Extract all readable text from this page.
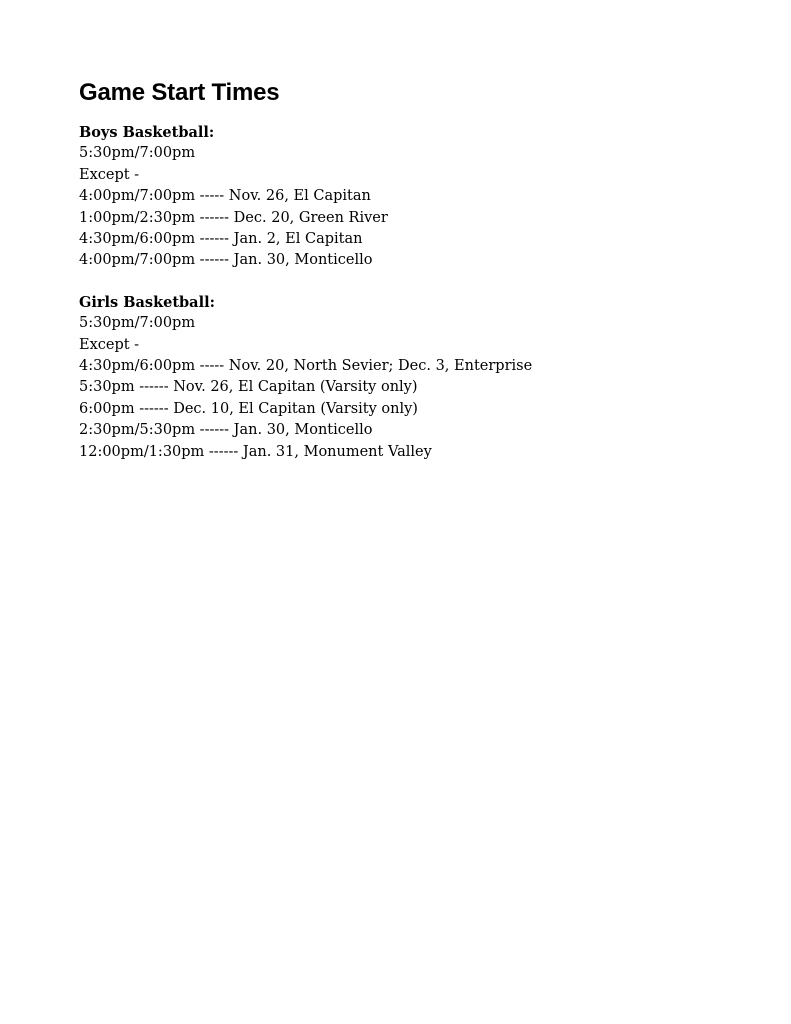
Game Start Times
Boys Basketball:
5:30pm/7:00pm
Except -
4:00pm/7:00pm ----- Nov. 26, El Capitan
1:00pm/2:30pm ------ Dec. 20, Green River
4:30pm/6:00pm ------ Jan. 2, El Capitan
4:00pm/7:00pm ------ Jan. 30, Monticello
Girls Basketball:
5:30pm/7:00pm
Except -
4:30pm/6:00pm ----- Nov. 20, North Sevier; Dec. 3, Enterprise
5:30pm ------ Nov. 26, El Capitan (Varsity only)
6:00pm ------ Dec. 10, El Capitan (Varsity only)
2:30pm/5:30pm ------ Jan. 30, Monticello
12:00pm/1:30pm ------ Jan. 31, Monument Valley
